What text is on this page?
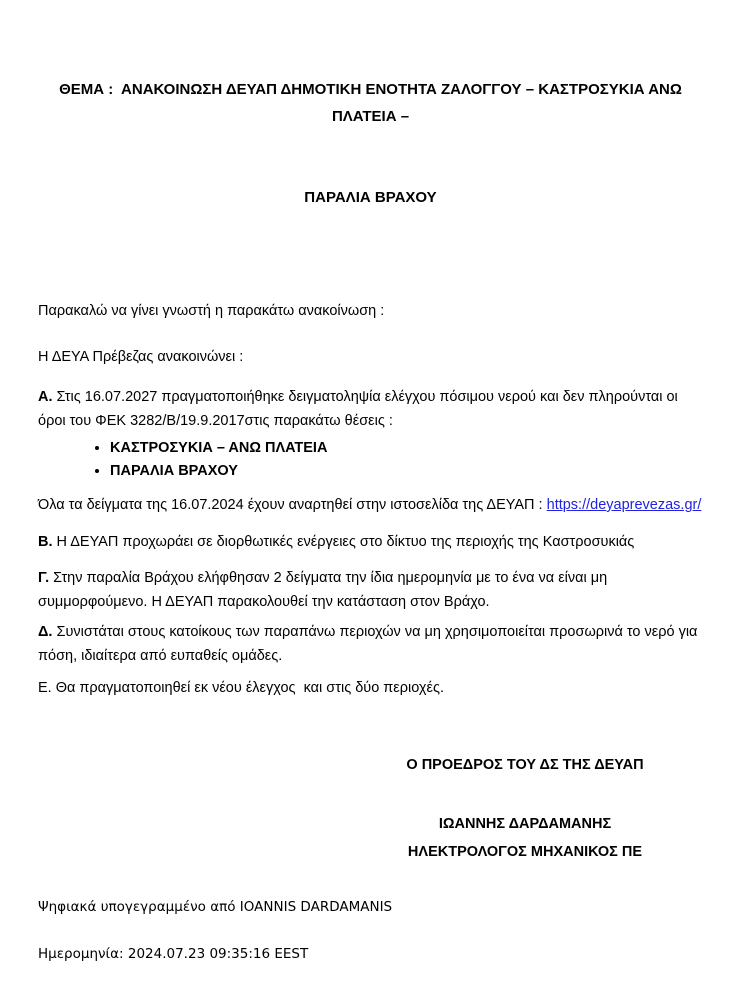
ΘΕΜΑ :  ΑΝΑΚΟΙΝΩΣΗ ΔΕΥΑΠ ΔΗΜΟΤΙΚΗ ΕΝΟΤΗΤΑ ΖΑΛΟΓΓΟΥ – ΚΑΣΤΡΟΣΥΚΙΑ ΑΝΩ ΠΛΑΤΕΙΑ –

ΠΑΡΑΛΙΑ ΒΡΑΧΟΥ

Παρακαλώ να γίνει γνωστή η παρακάτω ανακοίνωση :

Η ΔΕΥΑ Πρέβεζας ανακοινώνει :

Α. Στις 16.07.2027 πραγματοποιήθηκε δειγματοληψία ελέγχου πόσιμου νερού και δεν πληρούνται οι όροι του ΦΕΚ 3282/Β/19.9.2017στις παρακάτω θέσεις :

• ΚΑΣΤΡΟΣΥΚΙΑ – ΑΝΩ ΠΛΑΤΕΙΑ
• ΠΑΡΑΛΙΑ ΒΡΑΧΟΥ

Όλα τα δείγματα της 16.07.2024 έχουν αναρτηθεί στην ιστοσελίδα της ΔΕΥΑΠ : https://deyaprevezas.gr/

Β. Η ΔΕΥΑΠ προχωράει σε διορθωτικές ενέργειες στο δίκτυο της περιοχής της Καστροσυκιάς

Γ. Στην παραλία Βράχου ελήφθησαν 2 δείγματα την ίδια ημερομηνία με το ένα να είναι μη συμμορφούμενο. Η ΔΕΥΑΠ παρακολουθεί την κατάσταση στον Βράχο.

Δ. Συνιστάται στους κατοίκους των παραπάνω περιοχών να μη χρησιμοποιείται προσωρινά το νερό για πόση, ιδιαίτερα από ευπαθείς ομάδες.

Ε. Θα πραγματοποιηθεί εκ νέου έλεγχος  και στις δύο περιοχές.

Ο ΠΡΟΕΔΡΟΣ ΤΟΥ ΔΣ ΤΗΣ ΔΕΥΑΠ
ΙΩΑΝΝΗΣ ΔΑΡΔΑΜΑΝΗΣ
ΗΛΕΚΤΡΟΛΟΓΟΣ ΜΗΧΑΝΙΚΟΣ ΠΕ

Ψηφιακά υπογεγραμμένο από IOANNIS DARDAMANIS

Ημερομηνία: 2024.07.23 09:35:16 EEST
